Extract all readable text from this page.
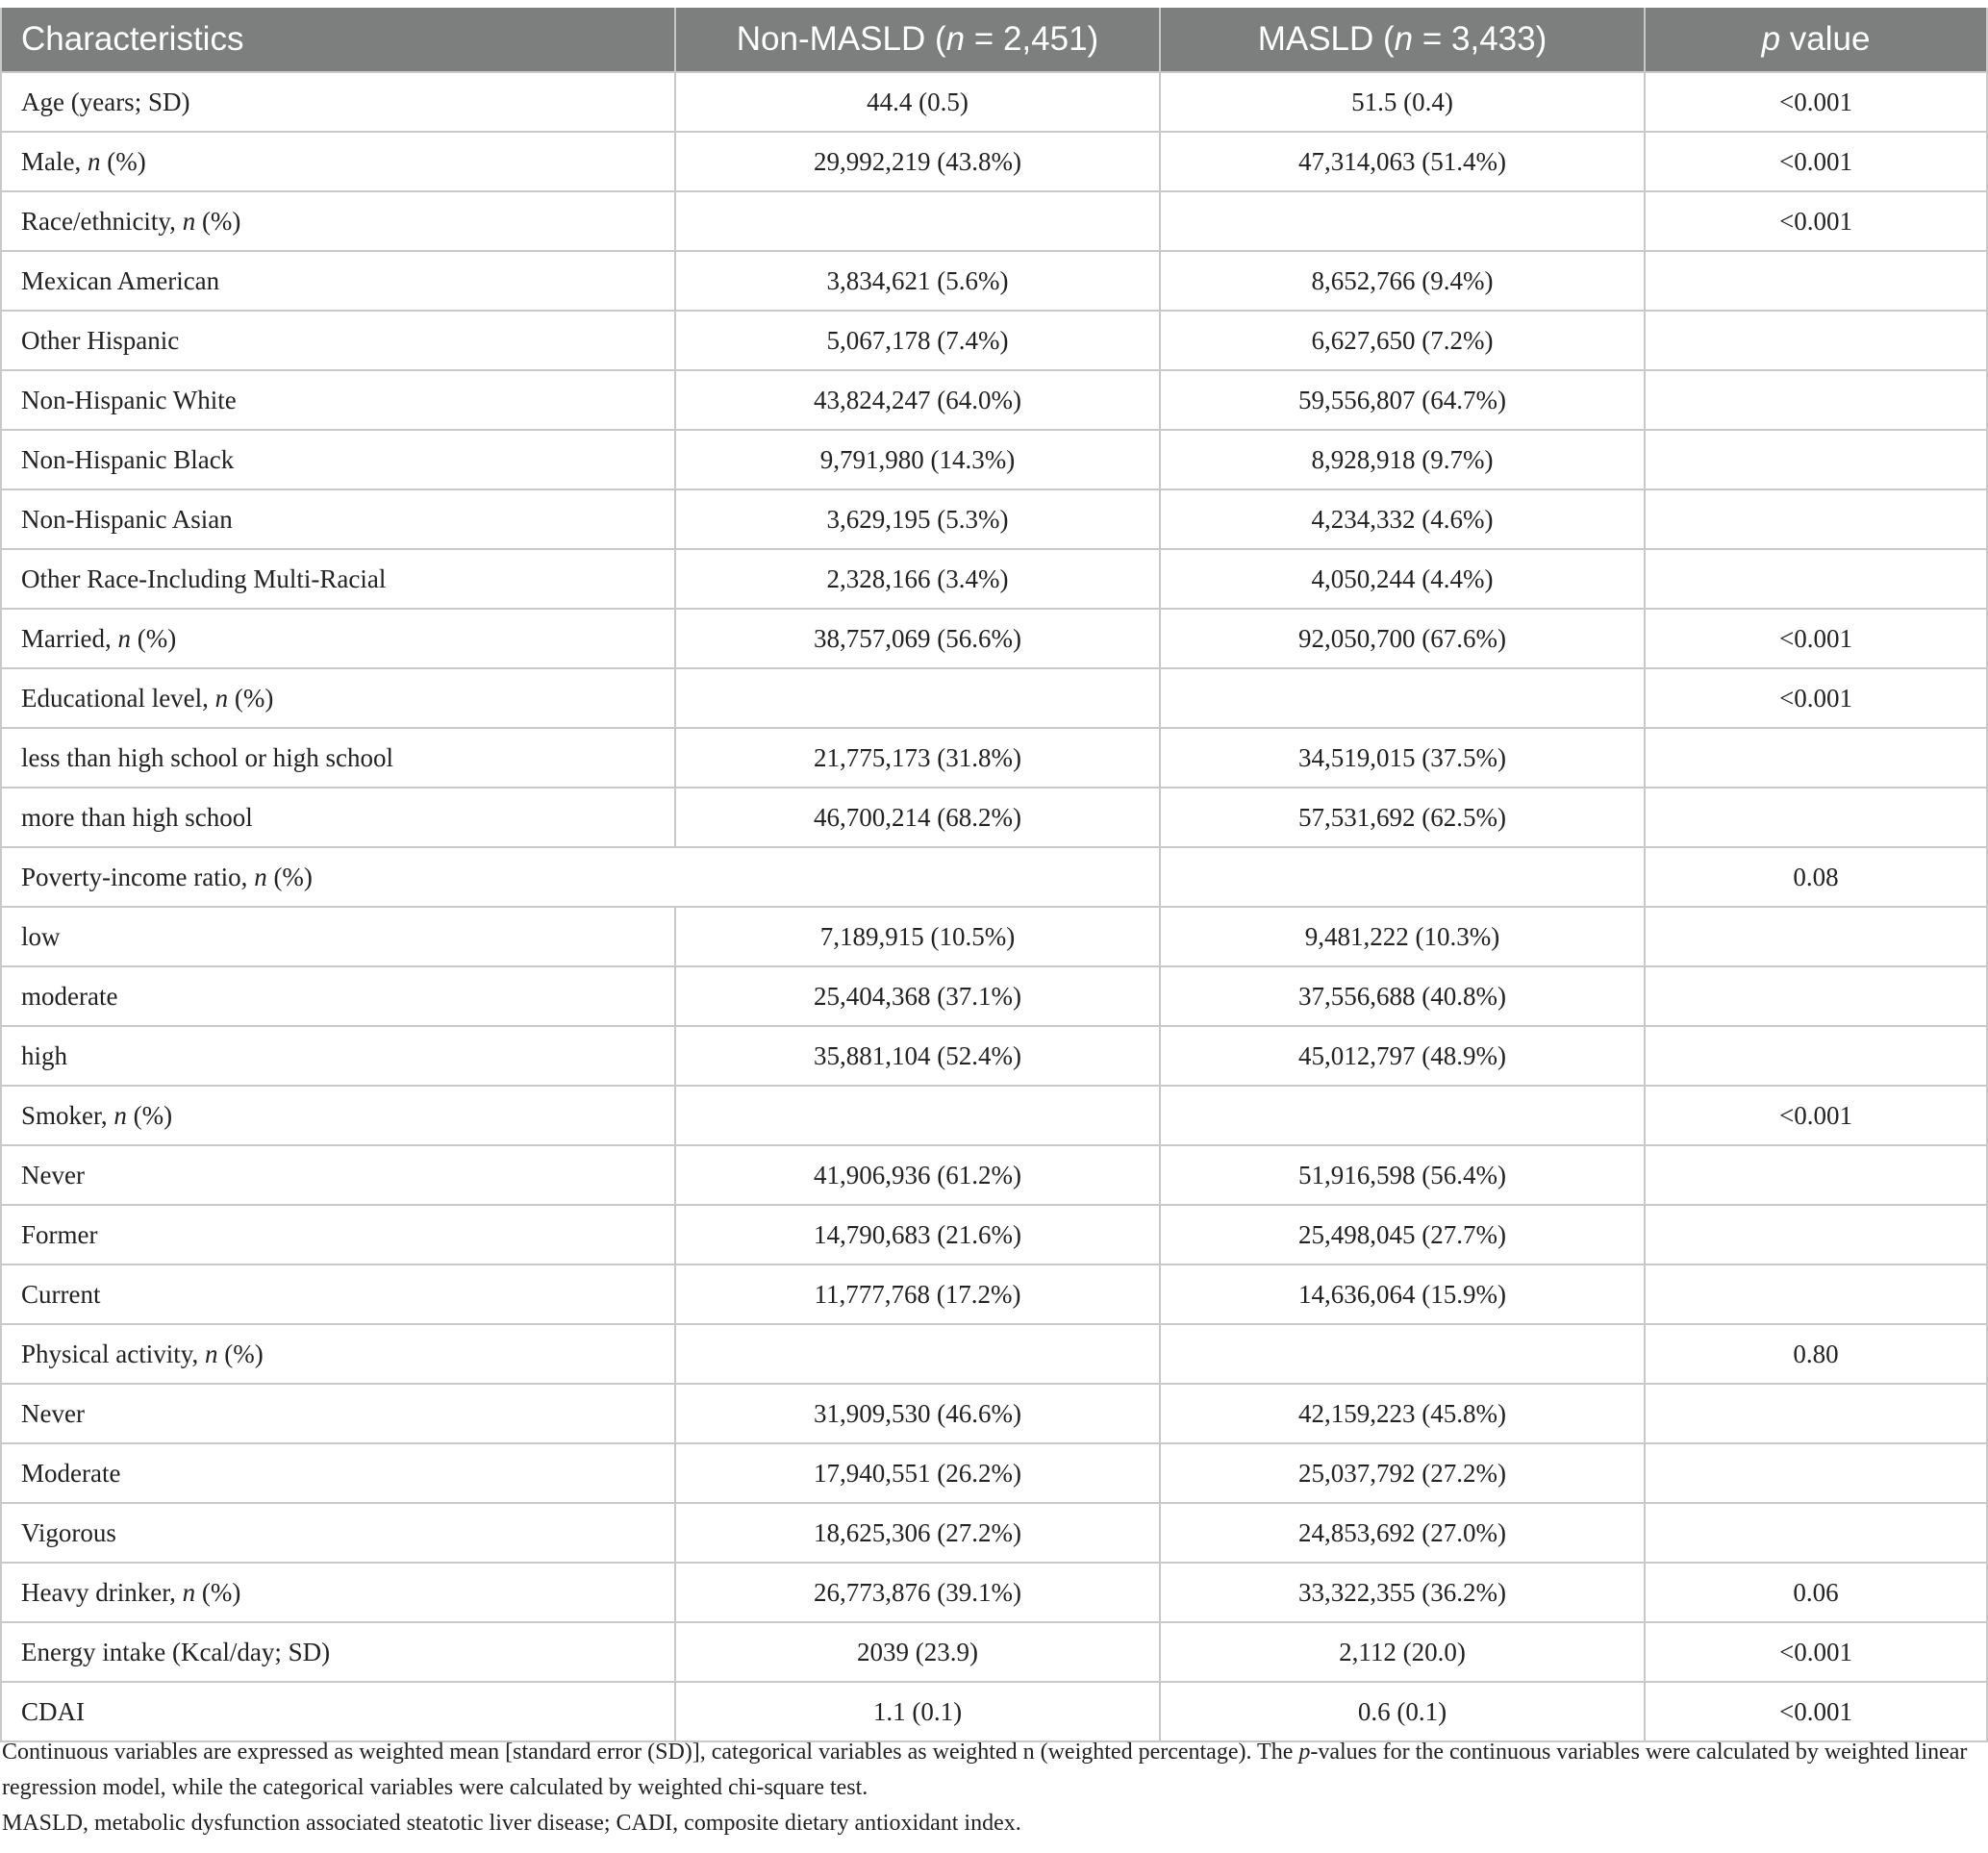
Characteristics	Non-MASLD (n = 2,451)	MASLD (n = 3,433)	p value
Age (years; SD)	44.4 (0.5)	51.5 (0.4)	<0.001
Male, n (%)	29,992,219 (43.8%)	47,314,063 (51.4%)	<0.001
Race/ethnicity, n (%)			<0.001
Mexican American	3,834,621 (5.6%)	8,652,766 (9.4%)	
Other Hispanic	5,067,178 (7.4%)	6,627,650 (7.2%)	
Non-Hispanic White	43,824,247 (64.0%)	59,556,807 (64.7%)	
Non-Hispanic Black	9,791,980 (14.3%)	8,928,918 (9.7%)	
Non-Hispanic Asian	3,629,195 (5.3%)	4,234,332 (4.6%)	
Other Race-Including Multi-Racial	2,328,166 (3.4%)	4,050,244 (4.4%)	
Married, n (%)	38,757,069 (56.6%)	92,050,700 (67.6%)	<0.001
Educational level, n (%)			<0.001
less than high school or high school	21,775,173 (31.8%)	34,519,015 (37.5%)	
more than high school	46,700,214 (68.2%)	57,531,692 (62.5%)	
Poverty-income ratio, n (%)			0.08
low	7,189,915 (10.5%)	9,481,222 (10.3%)	
moderate	25,404,368 (37.1%)	37,556,688 (40.8%)	
high	35,881,104 (52.4%)	45,012,797 (48.9%)	
Smoker, n (%)			<0.001
Never	41,906,936 (61.2%)	51,916,598 (56.4%)	
Former	14,790,683 (21.6%)	25,498,045 (27.7%)	
Current	11,777,768 (17.2%)	14,636,064 (15.9%)	
Physical activity, n (%)			0.80
Never	31,909,530 (46.6%)	42,159,223 (45.8%)	
Moderate	17,940,551 (26.2%)	25,037,792 (27.2%)	
Vigorous	18,625,306 (27.2%)	24,853,692 (27.0%)	
Heavy drinker, n (%)	26,773,876 (39.1%)	33,322,355 (36.2%)	0.06
Energy intake (Kcal/day; SD)	2039 (23.9)	2,112 (20.0)	<0.001
CDAI	1.1 (0.1)	0.6 (0.1)	<0.001

Continuous variables are expressed as weighted mean [standard error (SD)], categorical variables as weighted n (weighted percentage). The p-values for the continuous variables were calculated by weighted linear regression model, while the categorical variables were calculated by weighted chi-square test.

MASLD, metabolic dysfunction associated steatotic liver disease; CADI, composite dietary antioxidant index.
